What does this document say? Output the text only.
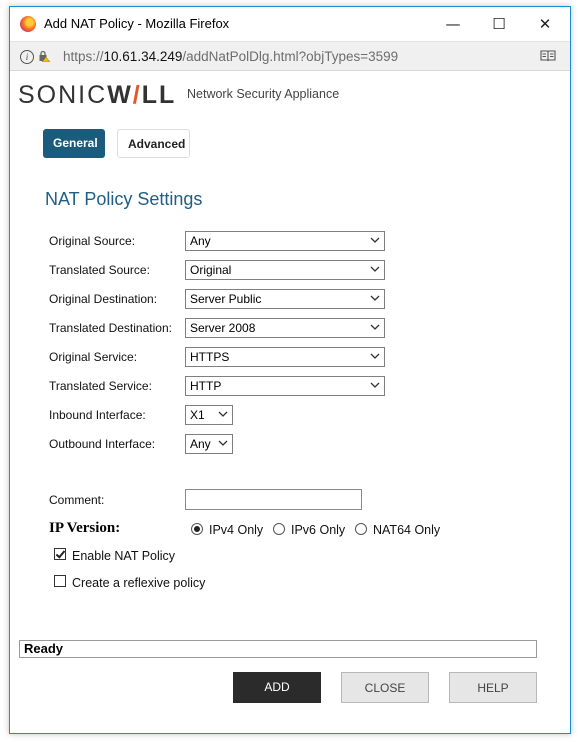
Add NAT Policy - Mozilla Firefox	—	☐	✕
i	https://10.61.34.249/addNatPolDlg.html?objTypes=3599
SONICW/LL Network Security Appliance
General	Advanced
NAT Policy Settings
Original Source:	Any
Translated Source:	Original
Original Destination:	Server Public
Translated Destination:	Server 2008
Original Service:	HTTPS
Translated Service:	HTTP
Inbound Interface:	X1
Outbound Interface:	Any
Comment:
IP Version:	IPv4 Only IPv6 Only NAT64 Only
Enable NAT Policy
Create a reflexive policy
Ready
ADD	CLOSE	HELP
